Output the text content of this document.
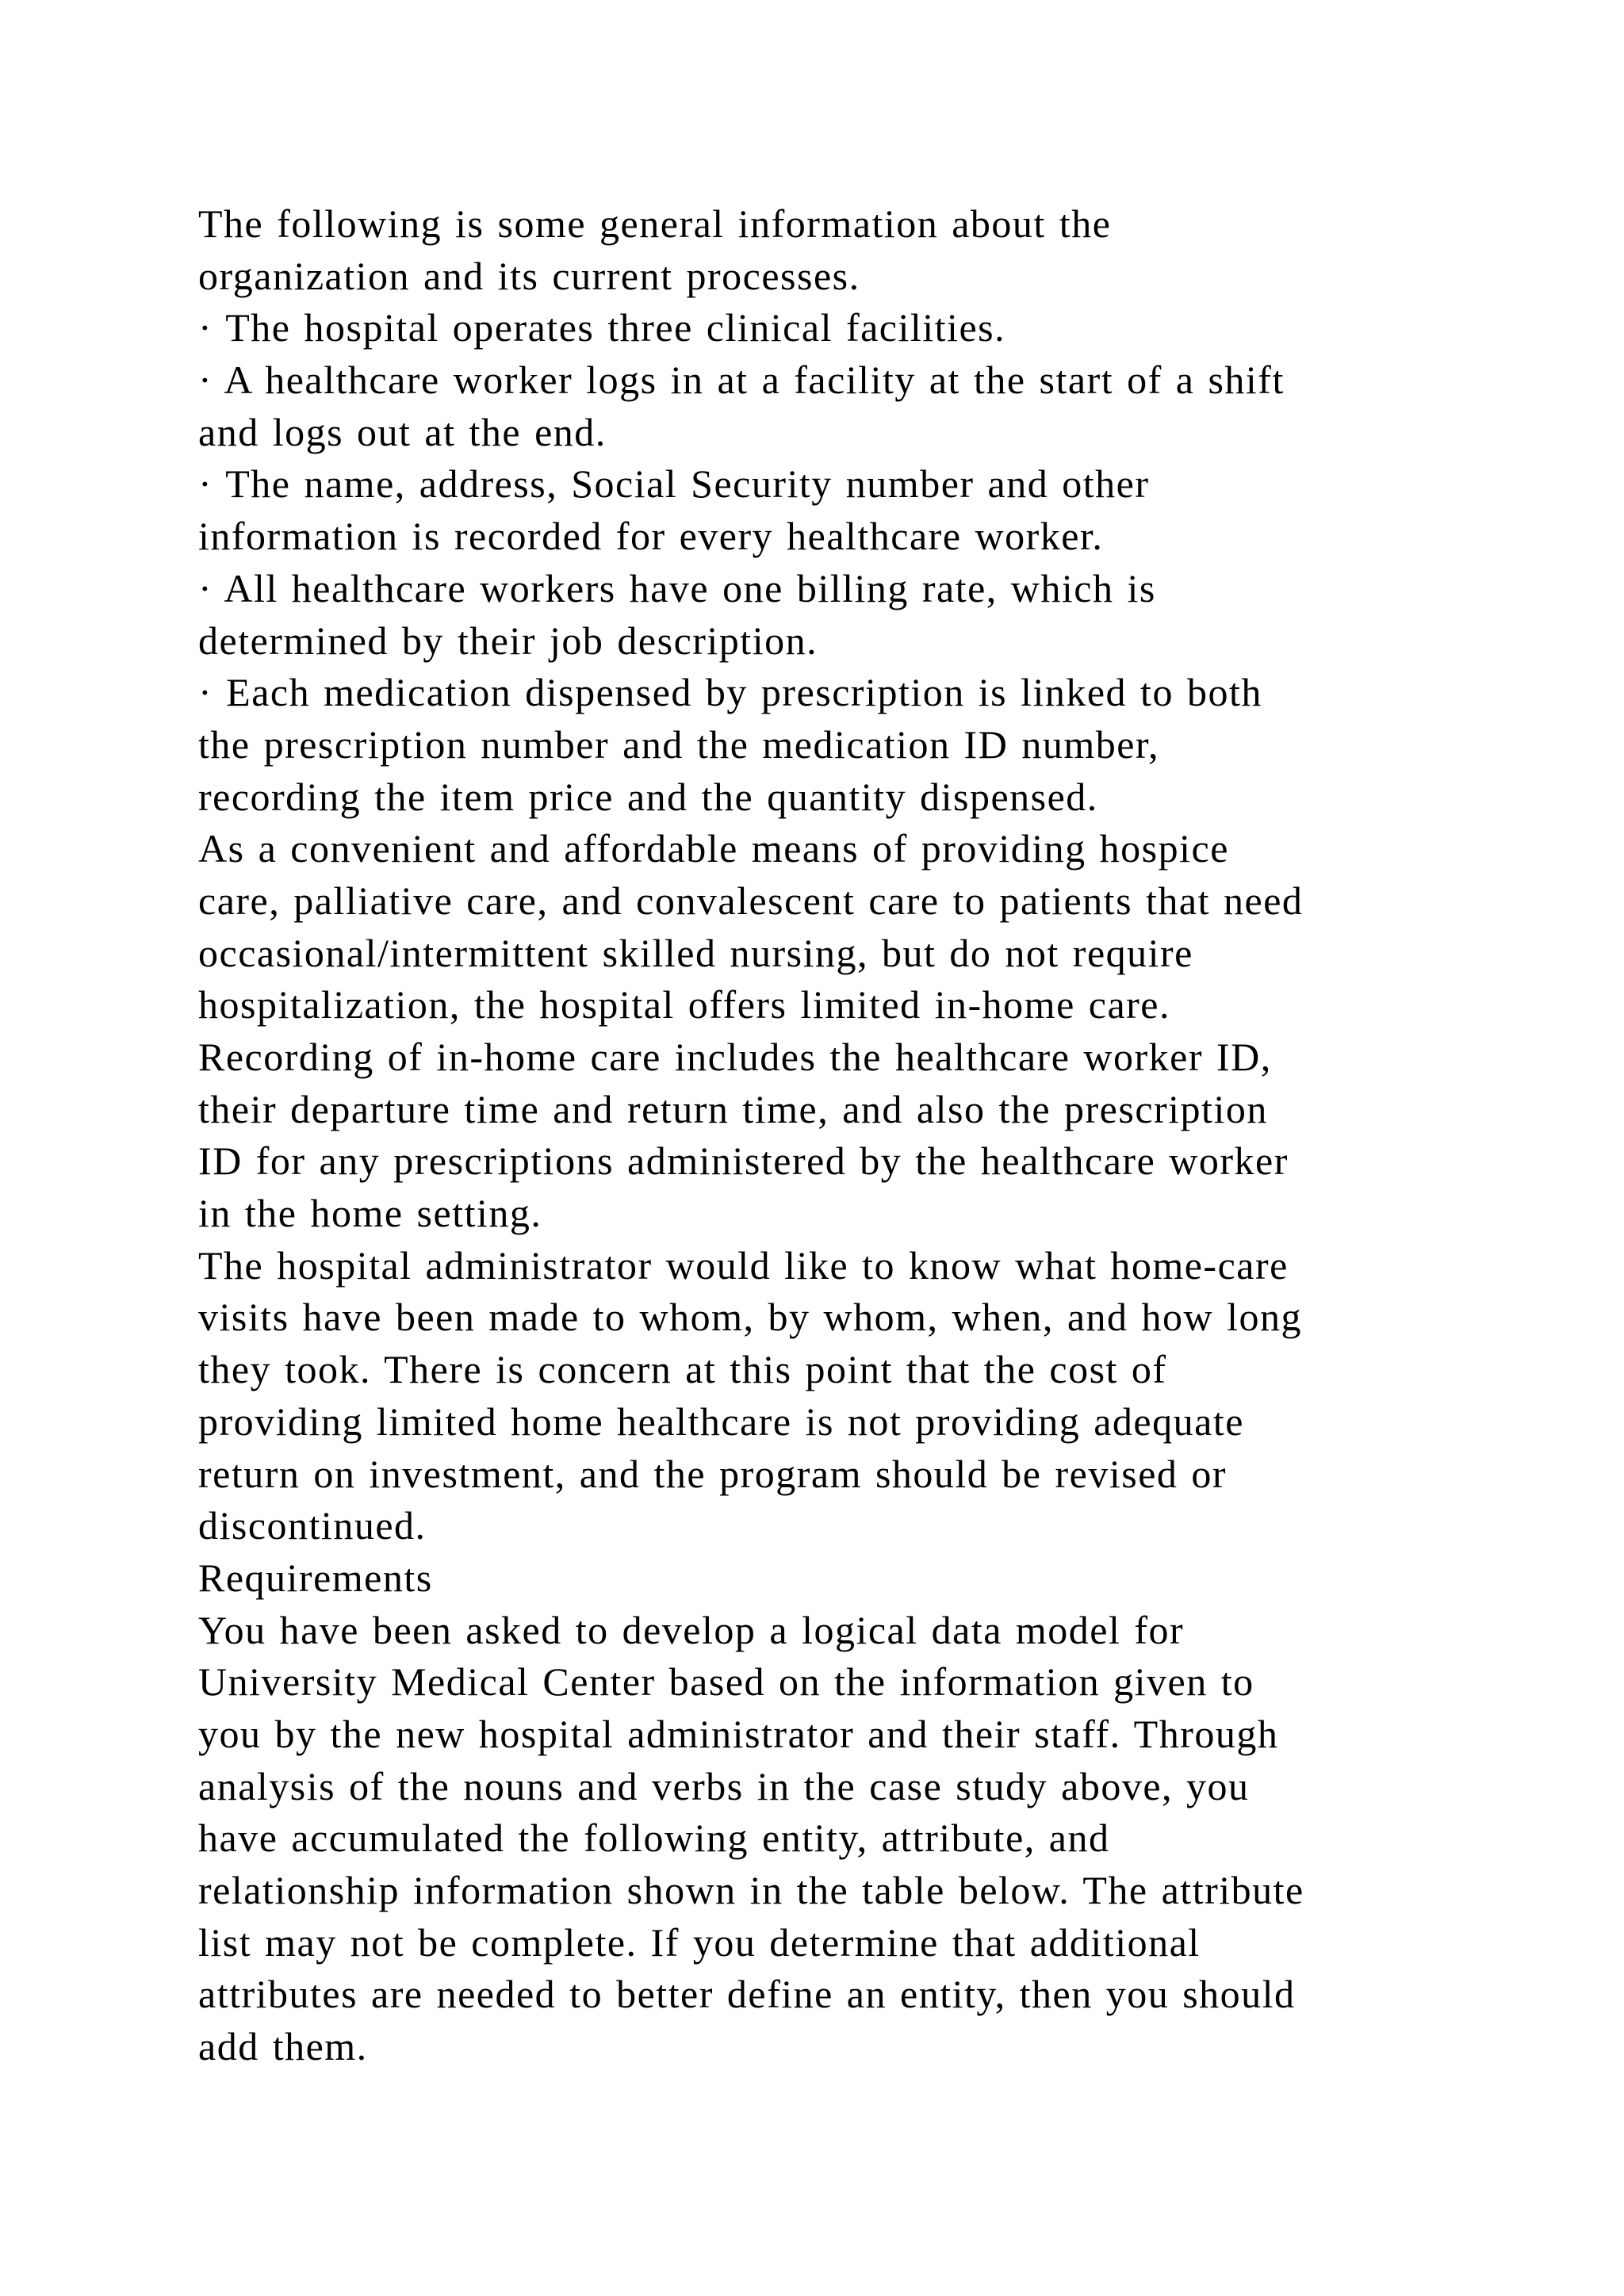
The following is some general information about the
organization and its current processes.
· The hospital operates three clinical facilities.
· A healthcare worker logs in at a facility at the start of a shift
and logs out at the end.
· The name, address, Social Security number and other
information is recorded for every healthcare worker.
· All healthcare workers have one billing rate, which is
determined by their job description.
· Each medication dispensed by prescription is linked to both
the prescription number and the medication ID number,
recording the item price and the quantity dispensed.
As a convenient and affordable means of providing hospice
care, palliative care, and convalescent care to patients that need
occasional/intermittent skilled nursing, but do not require
hospitalization, the hospital offers limited in-home care.
Recording of in-home care includes the healthcare worker ID,
their departure time and return time, and also the prescription
ID for any prescriptions administered by the healthcare worker
in the home setting.
The hospital administrator would like to know what home-care
visits have been made to whom, by whom, when, and how long
they took. There is concern at this point that the cost of
providing limited home healthcare is not providing adequate
return on investment, and the program should be revised or
discontinued.
Requirements
You have been asked to develop a logical data model for
University Medical Center based on the information given to
you by the new hospital administrator and their staff. Through
analysis of the nouns and verbs in the case study above, you
have accumulated the following entity, attribute, and
relationship information shown in the table below. The attribute
list may not be complete. If you determine that additional
attributes are needed to better define an entity, then you should
add them.
